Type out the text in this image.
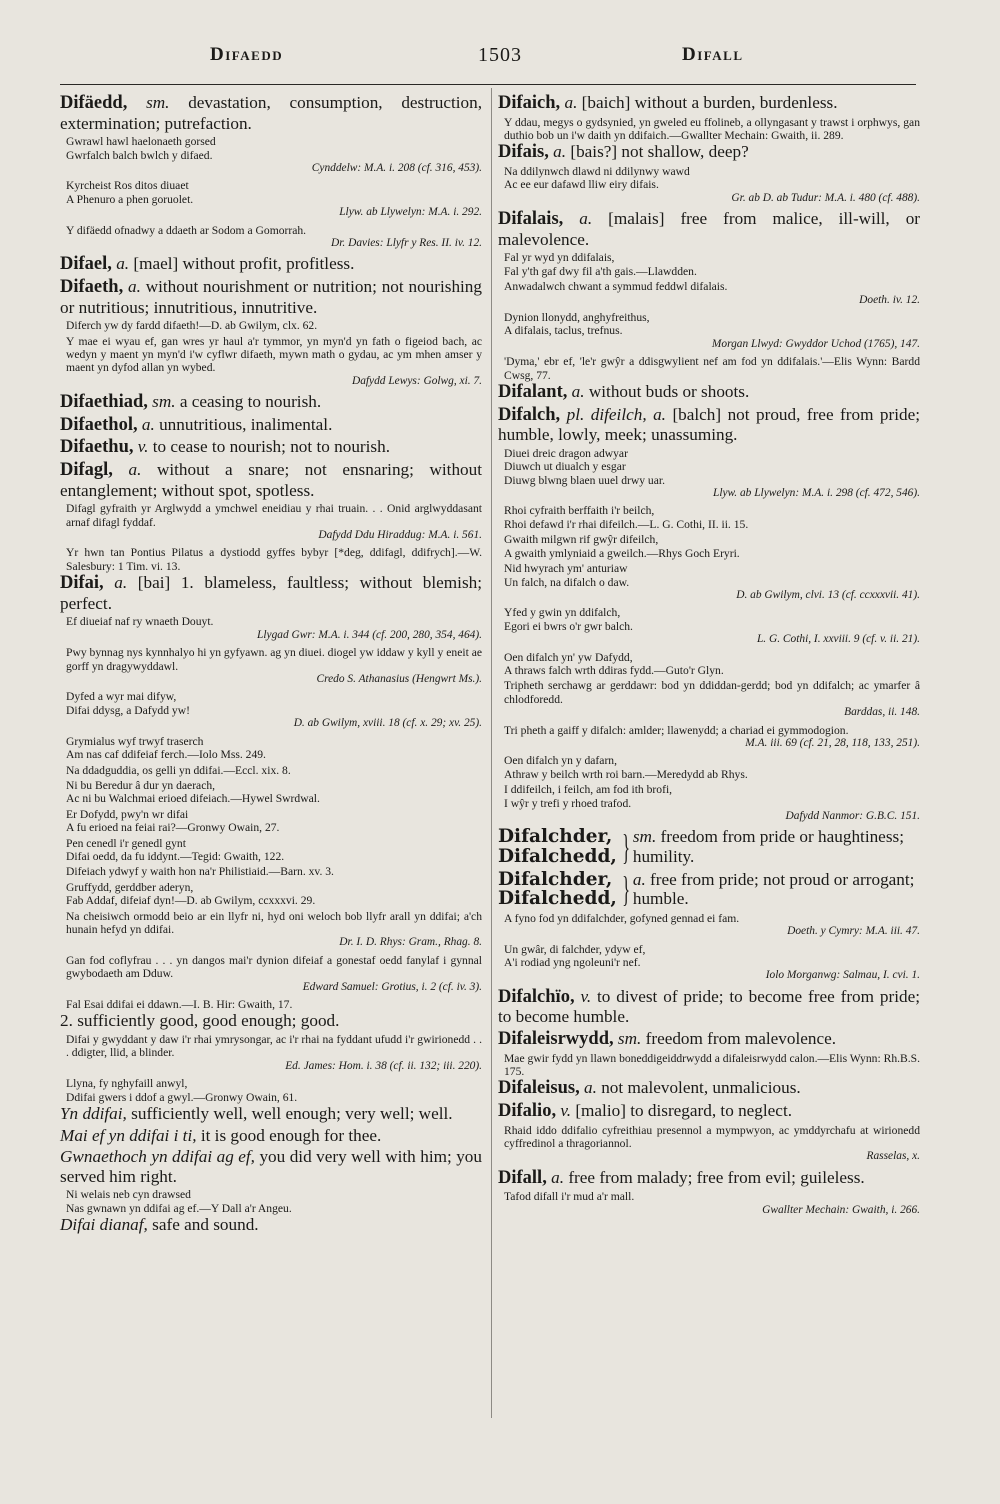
Difaedd	1503	Difall
Difäedd, sm. devastation, consumption, destruction, extermination; putrefaction.
Gwrawl hawl haelonaeth gorsed
Gwrfalch balch bwlch y difaed.
Cynddelw: M.A. i. 208 (cf. 316, 453).
Kyrcheist Ros ditos diuaet
A Phenuro a phen goruolet.
Llyw. ab Llywelyn: M.A. i. 292.
Y difäedd ofnadwy a ddaeth ar Sodom a Gomorrah.
Dr. Davies: Llyfr y Res. II. iv. 12.
Difael, a. [mael] without profit, profitless.
Difaeth, a. without nourishment or nutrition; not nourishing or nutritious; innutritious, innutritive.
Diferch yw dy fardd difaeth!—D. ab Gwilym, clx. 62.
Y mae ei wyau ef, gan wres yr haul a'r tymmor, yn myn'd yn fath o figeiod bach, ac wedyn y maent yn myn'd i'w cyflwr difaeth, mywn math o gydau, ac ym mhen amser y maent yn dyfod allan yn wybed.
Dafydd Lewys: Golwg, xi. 7.
Difaethiad, sm. a ceasing to nourish.
Difaethol, a. unnutritious, inalimental.
Difaethu, v. to cease to nourish; not to nourish.
Difagl, a. without a snare; not ensnaring; without entanglement; without spot, spotless.
Difagl gyfraith yr Arglwydd a ymchwel eneidiau y rhai truain. . . Onid arglwyddasant arnaf difagl fyddaf.
Dafydd Ddu Hiraddug: M.A. i. 561.
Yr hwn tan Pontius Pilatus a dystiodd gyffes bybyr [*deg, ddifagl, ddifrych].—W. Salesbury: 1 Tim. vi. 13.
Difai, a. [bai] 1. blameless, faultless; without blemish; perfect.
Ef diueiaf naf ry wnaeth Douyt.
Llygad Gwr: M.A. i. 344 (cf. 200, 280, 354, 464).
Pwy bynnag nys kynnhalyo hi yn gyfyawn. ag yn diuei. diogel yw iddaw y kyll y eneit ae gorff yn dragywyddawl.
Credo S. Athanasius (Hengwrt Ms.).
Dyfed a wyr mai difyw,
Difai ddysg, a Dafydd yw!
D. ab Gwilym, xviii. 18 (cf. x. 29; xv. 25).
Grymialus wyf trwyf traserch
Am nas caf ddifeiaf ferch.—Iolo Mss. 249.
Na ddadguddia, os gelli yn ddifai.—Eccl. xix. 8.
Ni bu Beredur â dur yn daerach,
Ac ni bu Walchmai erioed difeiach.—Hywel Swrdwal.
Er Dofydd, pwy'n wr difai
A fu erioed na feiai rai?—Gronwy Owain, 27.
Pen cenedl i'r genedl gynt
Difai oedd, da fu iddynt.—Tegid: Gwaith, 122.
Difeiach ydwyf y waith hon na'r Philistiaid.—Barn. xv. 3.
Gruffydd, gerddber aderyn,
Fab Addaf, difeiaf dyn!—D. ab Gwilym, ccxxxvi. 29.
Na cheisiwch ormodd beio ar ein llyfr ni, hyd oni weloch bob llyfr arall yn ddifai; a'ch hunain hefyd yn ddifai.
Dr. I. D. Rhys: Gram., Rhag. 8.
Gan fod coflyfrau . . . yn dangos mai'r dynion difeiaf a gonestaf oedd fanylaf i gynnal gwybodaeth am Dduw.
Edward Samuel: Grotius, i. 2 (cf. iv. 3).
Fal Esai ddifai ei ddawn.—I. B. Hir: Gwaith, 17.
2. sufficiently good, good enough; good.
Difai y gwyddant y daw i'r rhai ymrysongar, ac i'r rhai na fyddant ufudd i'r gwirionedd . . . ddigter, llid, a blinder.
Ed. James: Hom. i. 38 (cf. ii. 132; iii. 220).
Llyna, fy nghyfaill anwyl,
Ddifai gwers i ddof a gwyl.—Gronwy Owain, 61.
Yn ddifai, sufficiently well, well enough; very well; well.
Mai ef yn ddifai i ti, it is good enough for thee.
Gwnaethoch yn ddifai ag ef, you did very well with him; you served him right.
Ni welais neb cyn drawsed
Nas gwnawn yn ddifai ag ef.—Y Dall a'r Angeu.
Difai dianaf, safe and sound.
Difaich, a. [baich] without a burden, burdenless.
Y ddau, megys o gydsynied, yn gweled eu ffolineb, a ollyngasant y trawst i orphwys, gan duthio bob un i'w daith yn ddifaich.—Gwallter Mechain: Gwaith, ii. 289.
Difais, a. [bais?] not shallow, deep?
Na ddilynwch dlawd ni ddilynwy wawd
Ac ee eur dafawd lliw eiry difais.
Gr. ab D. ab Tudur: M.A. i. 480 (cf. 488).
Difalais, a. [malais] free from malice, ill-will, or malevolence.
Fal yr wyd yn ddifalais,
Fal y'th gaf dwy fil a'th gais.—Llawdden.
Anwadalwch chwant a symmud feddwl difalais.
Doeth. iv. 12.
Dynion llonydd, anghyfreithus,
A difalais, taclus, trefnus.
Morgan Llwyd: Gwyddor Uchod (1765), 147.
'Dyma,' ebr ef, 'le'r gwŷr a ddisgwylient nef am fod yn ddifalais.'—Elis Wynn: Bardd Cwsg, 77.
Difalant, a. without buds or shoots.
Difalch, pl. difeilch, a. [balch] not proud, free from pride; humble, lowly, meek; unassuming.
Diuei dreic dragon adwyar
Diuwch ut diualch y esgar
Diuwg blwng blaen uuel drwy uar.
Llyw. ab Llywelyn: M.A. i. 298 (cf. 472, 546).
Rhoi cyfraith berffaith i'r beilch,
Rhoi defawd i'r rhai difeilch.—L. G. Cothi, II. ii. 15.
Gwaith milgwn rif gwŷr difeilch,
A gwaith ymlyniaid a gweilch.—Rhys Goch Eryri.
Nid hwyrach ym' anturiaw
Un falch, na difalch o daw.
D. ab Gwilym, clvi. 13 (cf. ccxxxvii. 41).
Yfed y gwin yn ddifalch,
Egori ei bwrs o'r gwr balch.
L. G. Cothi, I. xxviii. 9 (cf. v. ii. 21).
Oen difalch yn' yw Dafydd,
A thraws falch wrth ddiras fydd.—Guto'r Glyn.
Tripheth serchawg ar gerddawr: bod yn ddiddan-gerdd; bod yn ddifalch; ac ymarfer â chlodforedd.
Barddas, ii. 148.
Tri pheth a gaiff y difalch: amlder; llawenydd; a chariad ei gymmodogion.
M.A. iii. 69 (cf. 21, 28, 118, 133, 251).
Oen difalch yn y dafarn,
Athraw y beilch wrth roi barn.—Meredydd ab Rhys.
I ddifeilch, i feilch, am fod ith brofi,
I wŷr y trefi y rhoed trafod.
Dafydd Nanmor: G.B.C. 151.
Difalchder,
Difalchedd, } sm. freedom from pride or haughtiness; humility.
Difalchder,
Difalchedd, } a. free from pride; not proud or arrogant; humble.
A fyno fod yn ddifalchder, gofyned gennad ei fam.
Doeth. y Cymry: M.A. iii. 47.
Un gwâr, di falchder, ydyw ef,
A'i rodiad yng ngoleuni'r nef.
Iolo Morganwg: Salmau, I. cvi. 1.
Difalchïo, v. to divest of pride; to become free from pride; to become humble.
Difaleisrwydd, sm. freedom from malevolence.
Mae gwir fydd yn llawn boneddigeiddrwydd a difaleisrwydd calon.—Elis Wynn: Rh.B.S. 175.
Difaleisus, a. not malevolent, unmalicious.
Difalio, v. [malio] to disregard, to neglect.
Rhaid iddo ddifalio cyfreithiau presennol a mympwyon, ac ymddyrchafu at wirionedd cyffredinol a thragoriannol.
Rasselas, x.
Difall, a. free from malady; free from evil; guileless.
Tafod difall i'r mud a'r mall.
Gwallter Mechain: Gwaith, i. 266.
